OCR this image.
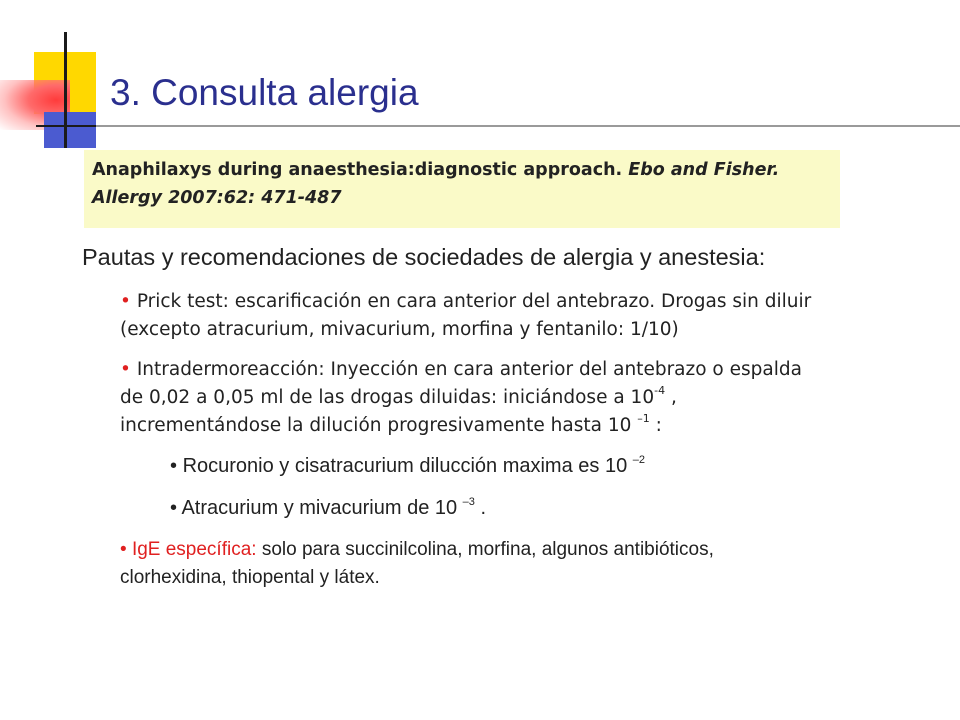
3. Consulta alergia
Anaphilaxys during anaesthesia:diagnostic approach. Ebo and Fisher. Allergy 2007:62: 471-487

Pautas y recomendaciones de sociedades de alergia y anestesia:

• Prick test: escarificación en cara anterior del antebrazo. Drogas sin diluir (excepto atracurium, mivacurium, morfina y fentanilo: 1/10)
• Intradermoreacción: Inyección en cara anterior del antebrazo o espalda de 0,02 a 0,05 ml de las drogas diluidas: iniciándose a $10^{-4}$ , incrementándose la dilución progresivamente hasta 10 $^{-1}$ :
• Rocuronio y cisatracurium dilucción maxima es 10 $^{-2}$
• Atracurium y mivacurium de 10 $^{-3}$ .
• IgE específica: solo para succinilcolina, morfina, algunos antibióticos, clorhexidina, thiopental y látex.
